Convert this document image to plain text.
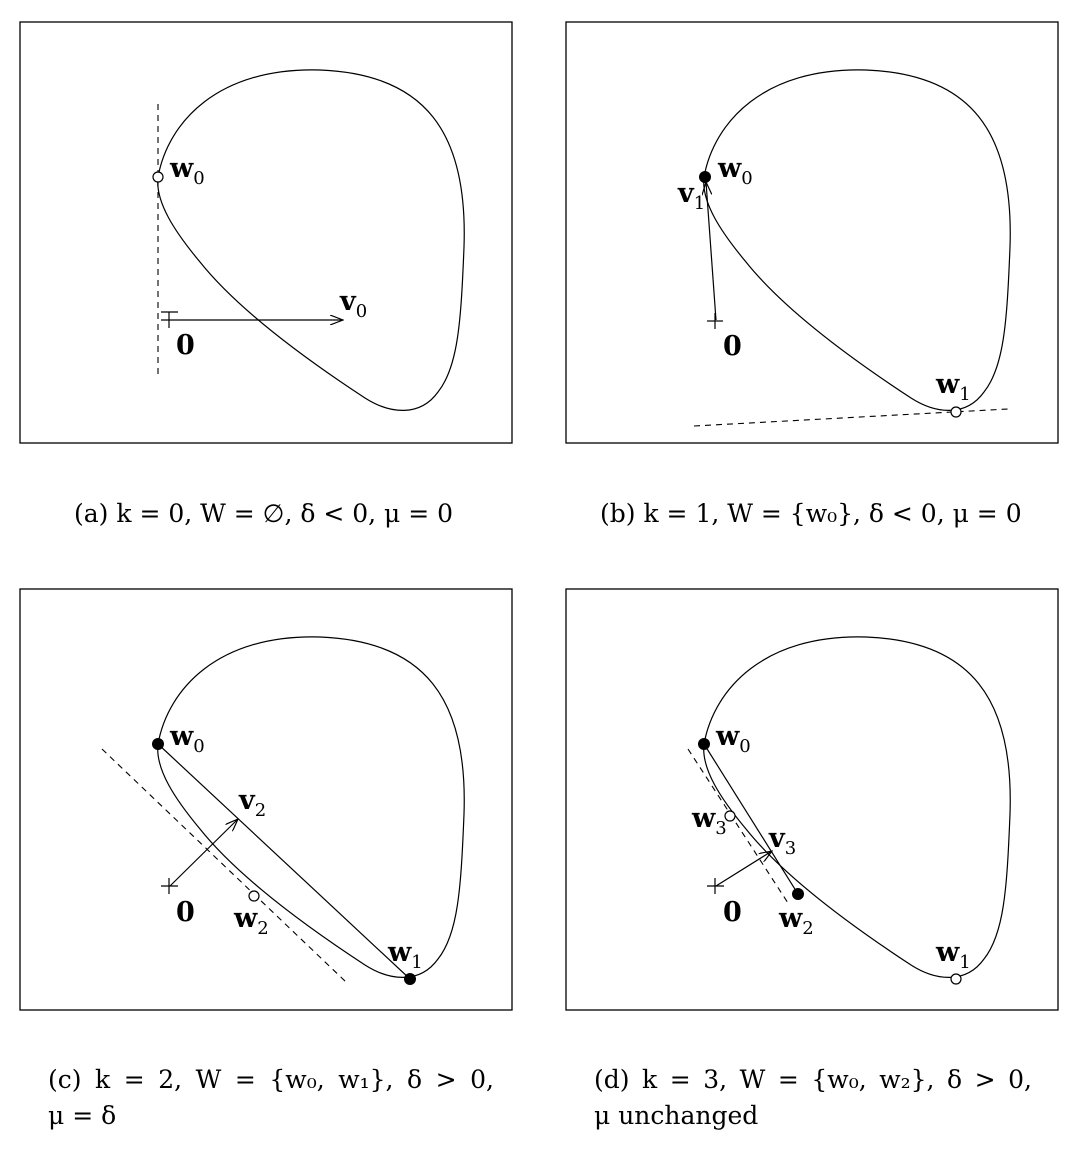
$w_0$
$v_0$
0
$w_0$
$v_1$
$w_1$
0
$w_0$
$v_2$
$w_2$
$w_1$
0
$w_0$
$w_3$ $v_3$
$w_2$
$w_1$
0
(a) k = 0, W = ∅, δ < 0, μ = 0	(b) k = 1, W = {w₀}, δ < 0, μ = 0
(c) k = 2, W = {w₀, w₁}, δ > 0,
μ = δ
(d) k = 3, W = {w₀, w₂}, δ > 0,
μ unchanged
